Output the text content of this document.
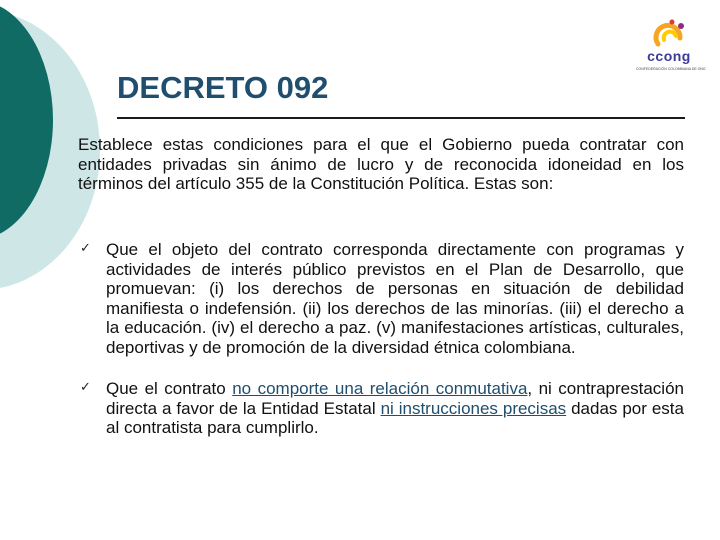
ccong
CONFEDERACIÓN COLOMBIANA DE ONG
DECRETO 092

Establece estas condiciones para el que el Gobierno pueda contratar con entidades privadas sin ánimo de lucro y de reconocida idoneidad en los términos del artículo 355 de la Constitución Política. Estas son:

✓ Que el objeto del contrato corresponda directamente con programas y actividades de interés público previstos en el Plan de Desarrollo, que promuevan: (i) los derechos de personas en situación de debilidad manifiesta o indefensión. (ii) los derechos de las minorías. (iii) el derecho a la educación. (iv) el derecho a paz. (v) manifestaciones artísticas, culturales, deportivas y de promoción de la diversidad étnica colombiana.
✓ Que el contrato no comporte una relación conmutativa, ni contraprestación directa a favor de la Entidad Estatal ni instrucciones precisas dadas por esta al contratista para cumplirlo.
